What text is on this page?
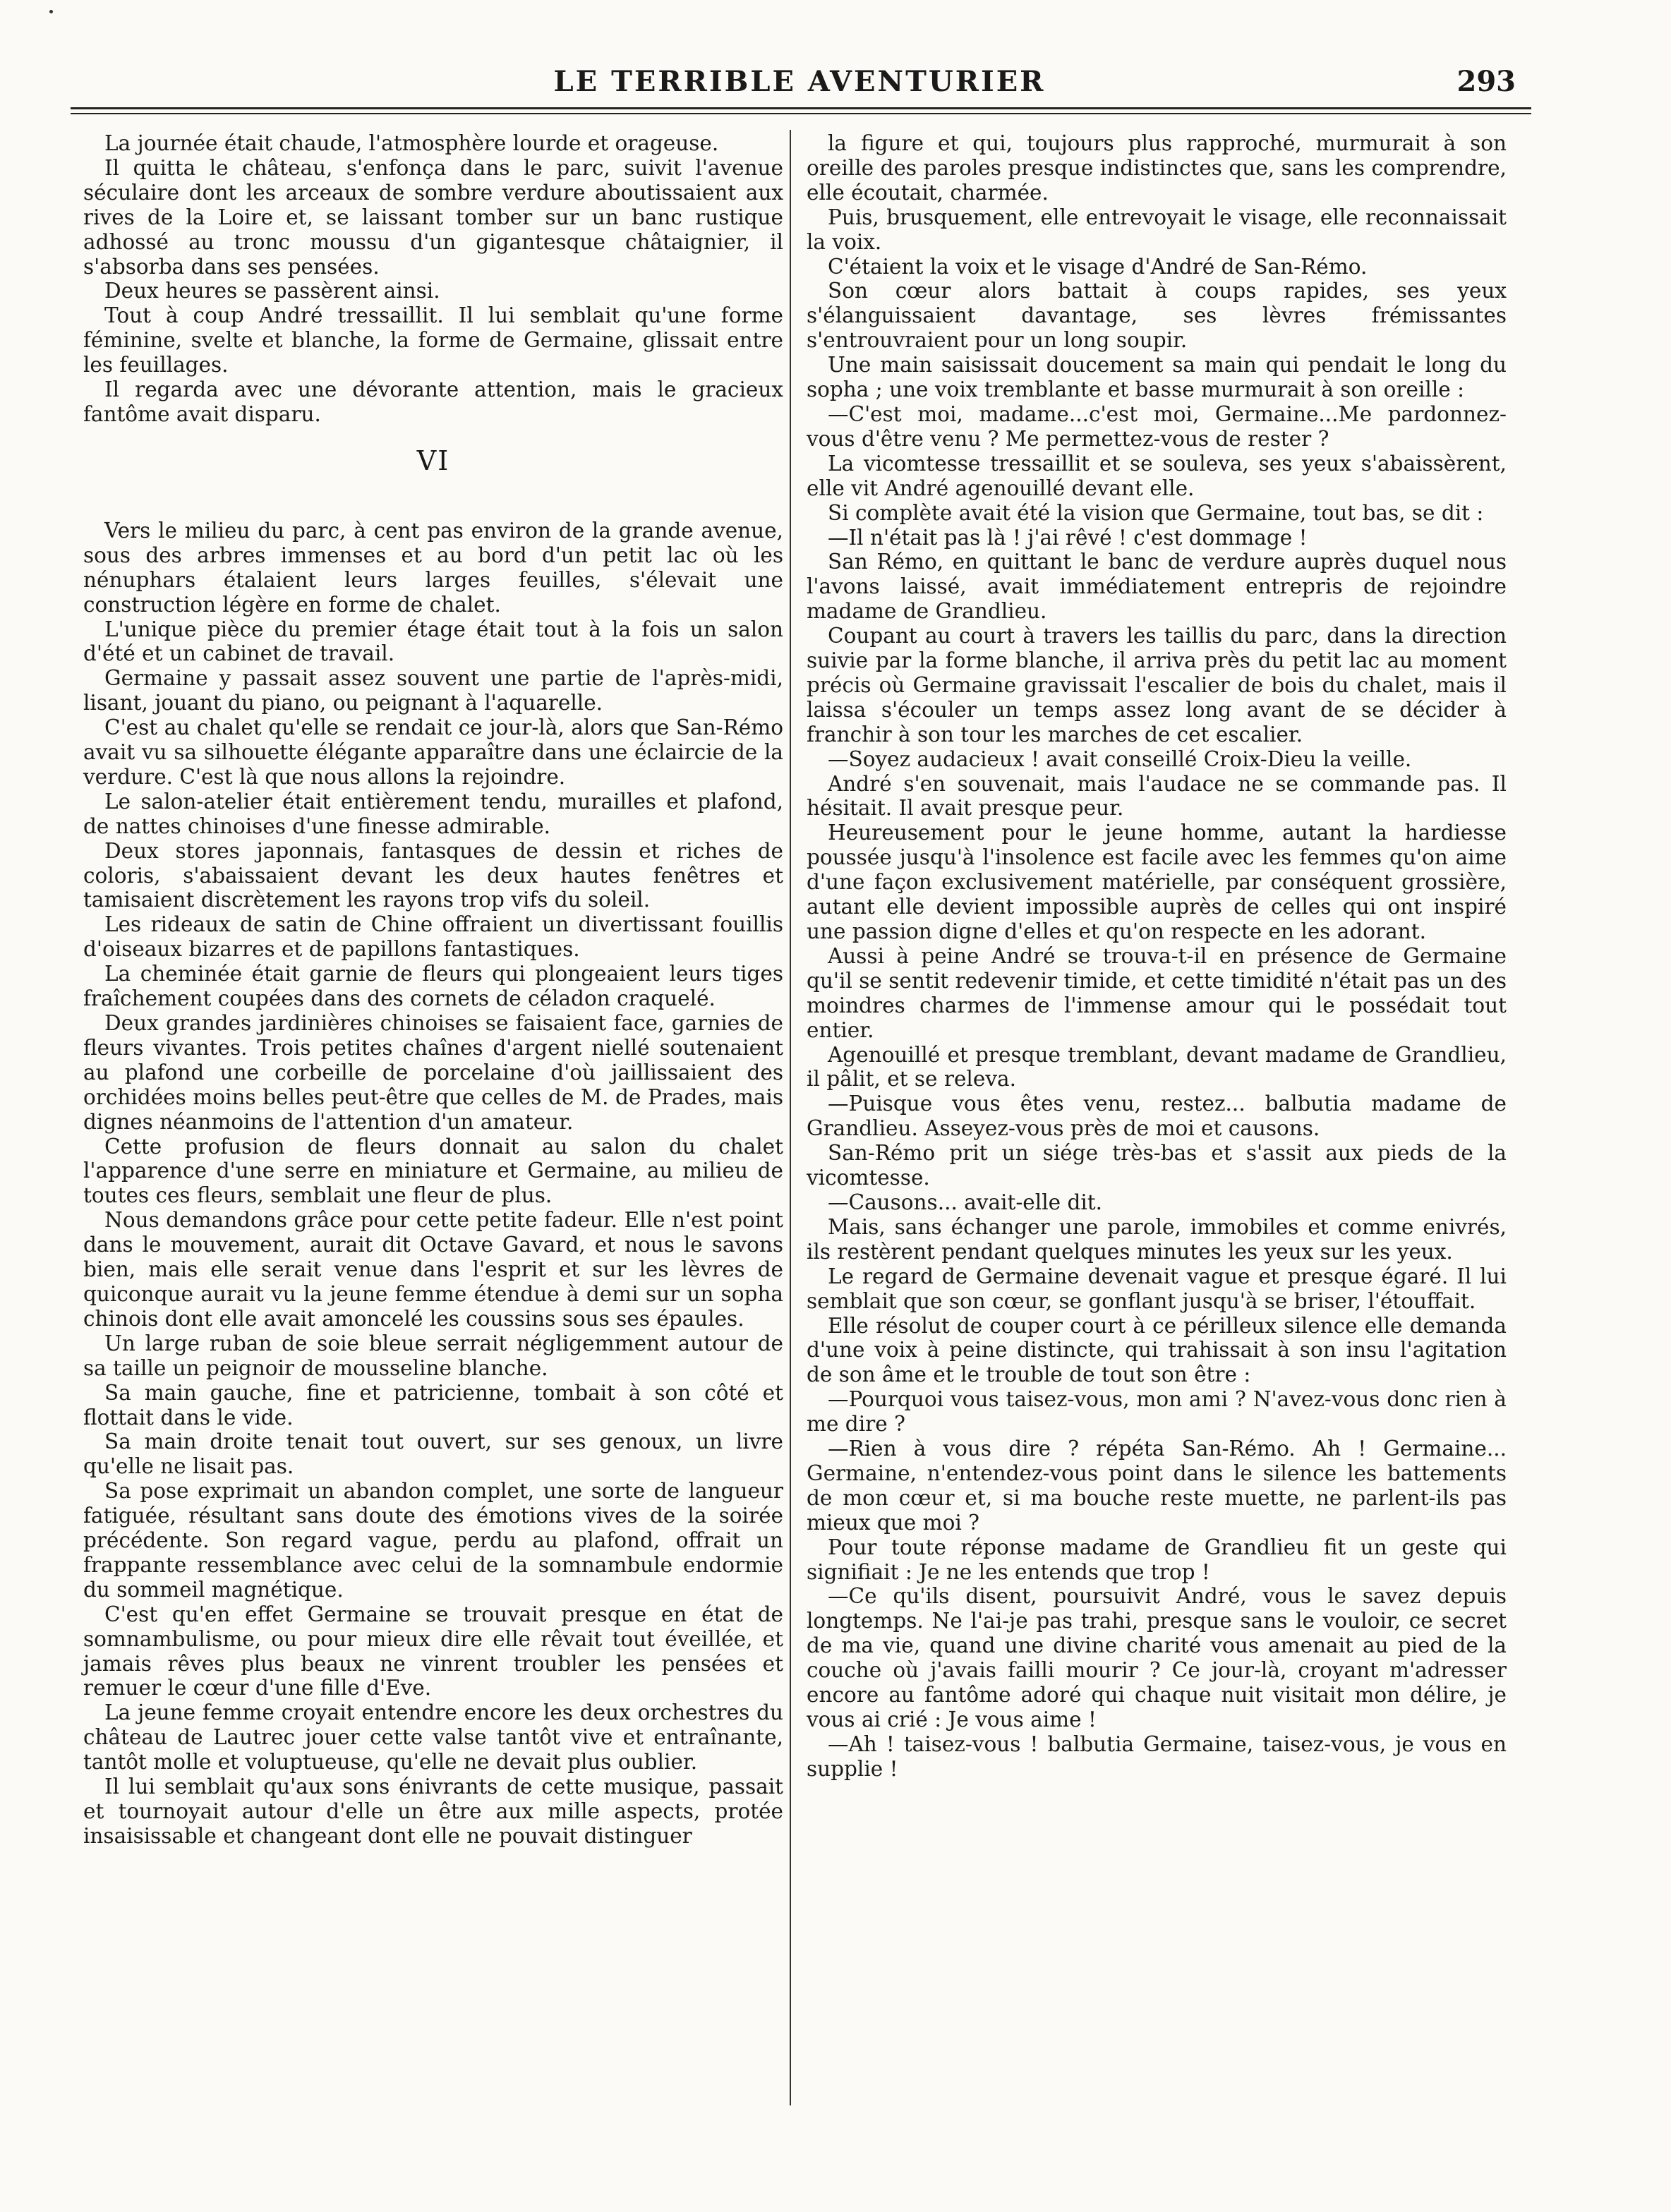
LE TERRIBLE AVENTURIER	293

La journée était chaude, l'atmosphère lourde et orageuse.

Il quitta le château, s'enfonça dans le parc, suivit l'avenue séculaire dont les arceaux de sombre verdure aboutissaient aux rives de la Loire et, se laissant tomber sur un banc rustique adhossé au tronc moussu d'un gigantesque châtaignier, il s'absorba dans ses pensées.

Deux heures se passèrent ainsi.

Tout à coup André tressaillit. Il lui semblait qu'une forme féminine, svelte et blanche, la forme de Germaine, glissait entre les feuillages.

Il regarda avec une dévorante attention, mais le gracieux fantôme avait disparu.

VI

Vers le milieu du parc, à cent pas environ de la grande avenue, sous des arbres immenses et au bord d'un petit lac où les nénuphars étalaient leurs larges feuilles, s'élevait une construction légère en forme de chalet.

L'unique pièce du premier étage était tout à la fois un salon d'été et un cabinet de travail.

Germaine y passait assez souvent une partie de l'après-midi, lisant, jouant du piano, ou peignant à l'aquarelle.

C'est au chalet qu'elle se rendait ce jour-là, alors que San-Rémo avait vu sa silhouette élégante apparaître dans une éclaircie de la verdure. C'est là que nous allons la rejoindre.

Le salon-atelier était entièrement tendu, murailles et plafond, de nattes chinoises d'une finesse admirable.

Deux stores japonnais, fantasques de dessin et riches de coloris, s'abaissaient devant les deux hautes fenêtres et tamisaient discrètement les rayons trop vifs du soleil.

Les rideaux de satin de Chine offraient un divertissant fouillis d'oiseaux bizarres et de papillons fantastiques.

La cheminée était garnie de fleurs qui plongeaient leurs tiges fraîchement coupées dans des cornets de céladon craquelé.

Deux grandes jardinières chinoises se faisaient face, garnies de fleurs vivantes. Trois petites chaînes d'argent niellé soutenaient au plafond une corbeille de porcelaine d'où jaillissaient des orchidées moins belles peut-être que celles de M. de Prades, mais dignes néanmoins de l'attention d'un amateur.

Cette profusion de fleurs donnait au salon du chalet l'apparence d'une serre en miniature et Germaine, au milieu de toutes ces fleurs, semblait une fleur de plus.

Nous demandons grâce pour cette petite fadeur. Elle n'est point dans le mouvement, aurait dit Octave Gavard, et nous le savons bien, mais elle serait venue dans l'esprit et sur les lèvres de quiconque aurait vu la jeune femme étendue à demi sur un sopha chinois dont elle avait amoncelé les coussins sous ses épaules.

Un large ruban de soie bleue serrait négligemment autour de sa taille un peignoir de mousseline blanche.

Sa main gauche, fine et patricienne, tombait à son côté et flottait dans le vide.

Sa main droite tenait tout ouvert, sur ses genoux, un livre qu'elle ne lisait pas.

Sa pose exprimait un abandon complet, une sorte de langueur fatiguée, résultant sans doute des émotions vives de la soirée précédente. Son regard vague, perdu au plafond, offrait un frappante ressemblance avec celui de la somnambule endormie du sommeil magnétique.

C'est qu'en effet Germaine se trouvait presque en état de somnambulisme, ou pour mieux dire elle rêvait tout éveillée, et jamais rêves plus beaux ne vinrent troubler les pensées et remuer le cœur d'une fille d'Eve.

La jeune femme croyait entendre encore les deux orchestres du château de Lautrec jouer cette valse tantôt vive et entraînante, tantôt molle et voluptueuse, qu'elle ne devait plus oublier.

Il lui semblait qu'aux sons énivrants de cette musique, passait et tournoyait autour d'elle un être aux mille aspects, protée insaisissable et changeant dont elle ne pouvait distinguer

la figure et qui, toujours plus rapproché, murmurait à son oreille des paroles presque indistinctes que, sans les comprendre, elle écoutait, charmée.

Puis, brusquement, elle entrevoyait le visage, elle reconnaissait la voix.

C'étaient la voix et le visage d'André de San-Rémo.

Son cœur alors battait à coups rapides, ses yeux s'élanguissaient davantage, ses lèvres frémissantes s'entrouvraient pour un long soupir.

Une main saisissait doucement sa main qui pendait le long du sopha ; une voix tremblante et basse murmurait à son oreille :

—C'est moi, madame...c'est moi, Germaine...Me pardonnez-vous d'être venu ? Me permettez-vous de rester ?

La vicomtesse tressaillit et se souleva, ses yeux s'abaissèrent, elle vit André agenouillé devant elle.

Si complète avait été la vision que Germaine, tout bas, se dit :

—Il n'était pas là ! j'ai rêvé ! c'est dommage !

San Rémo, en quittant le banc de verdure auprès duquel nous l'avons laissé, avait immédiatement entrepris de rejoindre madame de Grandlieu.

Coupant au court à travers les taillis du parc, dans la direction suivie par la forme blanche, il arriva près du petit lac au moment précis où Germaine gravissait l'escalier de bois du chalet, mais il laissa s'écouler un temps assez long avant de se décider à franchir à son tour les marches de cet escalier.

—Soyez audacieux ! avait conseillé Croix-Dieu la veille.

André s'en souvenait, mais l'audace ne se commande pas. Il hésitait. Il avait presque peur.

Heureusement pour le jeune homme, autant la hardiesse poussée jusqu'à l'insolence est facile avec les femmes qu'on aime d'une façon exclusivement matérielle, par conséquent grossière, autant elle devient impossible auprès de celles qui ont inspiré une passion digne d'elles et qu'on respecte en les adorant.

Aussi à peine André se trouva-t-il en présence de Germaine qu'il se sentit redevenir timide, et cette timidité n'était pas un des moindres charmes de l'immense amour qui le possédait tout entier.

Agenouillé et presque tremblant, devant madame de Grandlieu, il pâlit, et se releva.

—Puisque vous êtes venu, restez... balbutia madame de Grandlieu. Asseyez-vous près de moi et causons.

San-Rémo prit un siége très-bas et s'assit aux pieds de la vicomtesse.

—Causons... avait-elle dit.

Mais, sans échanger une parole, immobiles et comme enivrés, ils restèrent pendant quelques minutes les yeux sur les yeux.

Le regard de Germaine devenait vague et presque égaré. Il lui semblait que son cœur, se gonflant jusqu'à se briser, l'étouffait.

Elle résolut de couper court à ce périlleux silence elle demanda d'une voix à peine distincte, qui trahissait à son insu l'agitation de son âme et le trouble de tout son être :

—Pourquoi vous taisez-vous, mon ami ? N'avez-vous donc rien à me dire ?

—Rien à vous dire ? répéta San-Rémo. Ah ! Germaine... Germaine, n'entendez-vous point dans le silence les battements de mon cœur et, si ma bouche reste muette, ne parlent-ils pas mieux que moi ?

Pour toute réponse madame de Grandlieu fit un geste qui signifiait : Je ne les entends que trop !

—Ce qu'ils disent, poursuivit André, vous le savez depuis longtemps. Ne l'ai-je pas trahi, presque sans le vouloir, ce secret de ma vie, quand une divine charité vous amenait au pied de la couche où j'avais failli mourir ? Ce jour-là, croyant m'adresser encore au fantôme adoré qui chaque nuit visitait mon délire, je vous ai crié : Je vous aime !

—Ah ! taisez-vous ! balbutia Germaine, taisez-vous, je vous en supplie !
